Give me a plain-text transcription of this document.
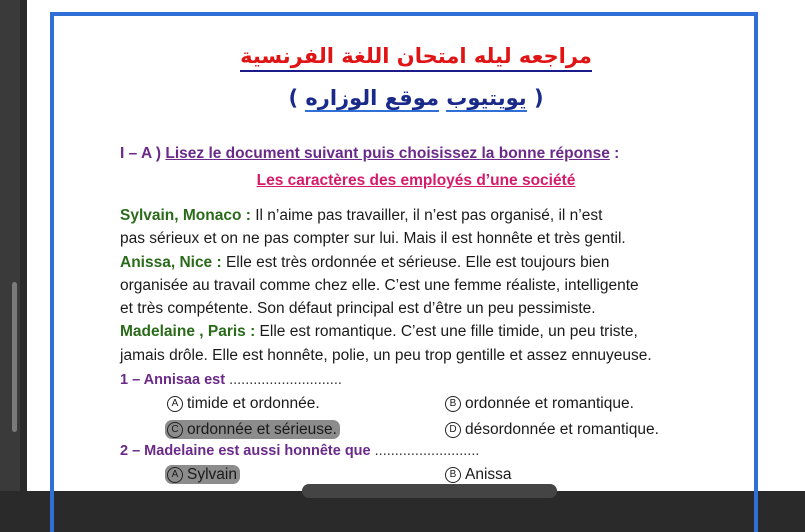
مراجعه ليله امتحان اللغة الفرنسية
( يويتيوب موقع الوزاره )
I – A ) Lisez le document suivant puis choisissez la bonne réponse :
Les caractères des employés d’une société
Sylvain, Monaco : Il n’aime pas travailler, il n’est pas organisé, il n’est
pas sérieux et on ne pas compter sur lui. Mais il est honnête et très gentil.
Anissa, Nice : Elle est très ordonnée et sérieuse. Elle est toujours bien
organisée au travail comme chez elle. C’est une femme réaliste, intelligente
et très compétente. Son défaut principal est d’être un peu pessimiste.
Madelaine , Paris : Elle est romantique. C’est une fille timide, un peu triste,
jamais drôle. Elle est honnête, polie, un peu trop gentille et assez ennuyeuse.
1 – Annisaa est ............................
A timide et ordonnée.	B ordonnée et romantique.
C ordonnée et sérieuse.	D désordonnée et romantique.
2 – Madelaine est aussi honnête que ..........................
A Sylvain	B Anissa
